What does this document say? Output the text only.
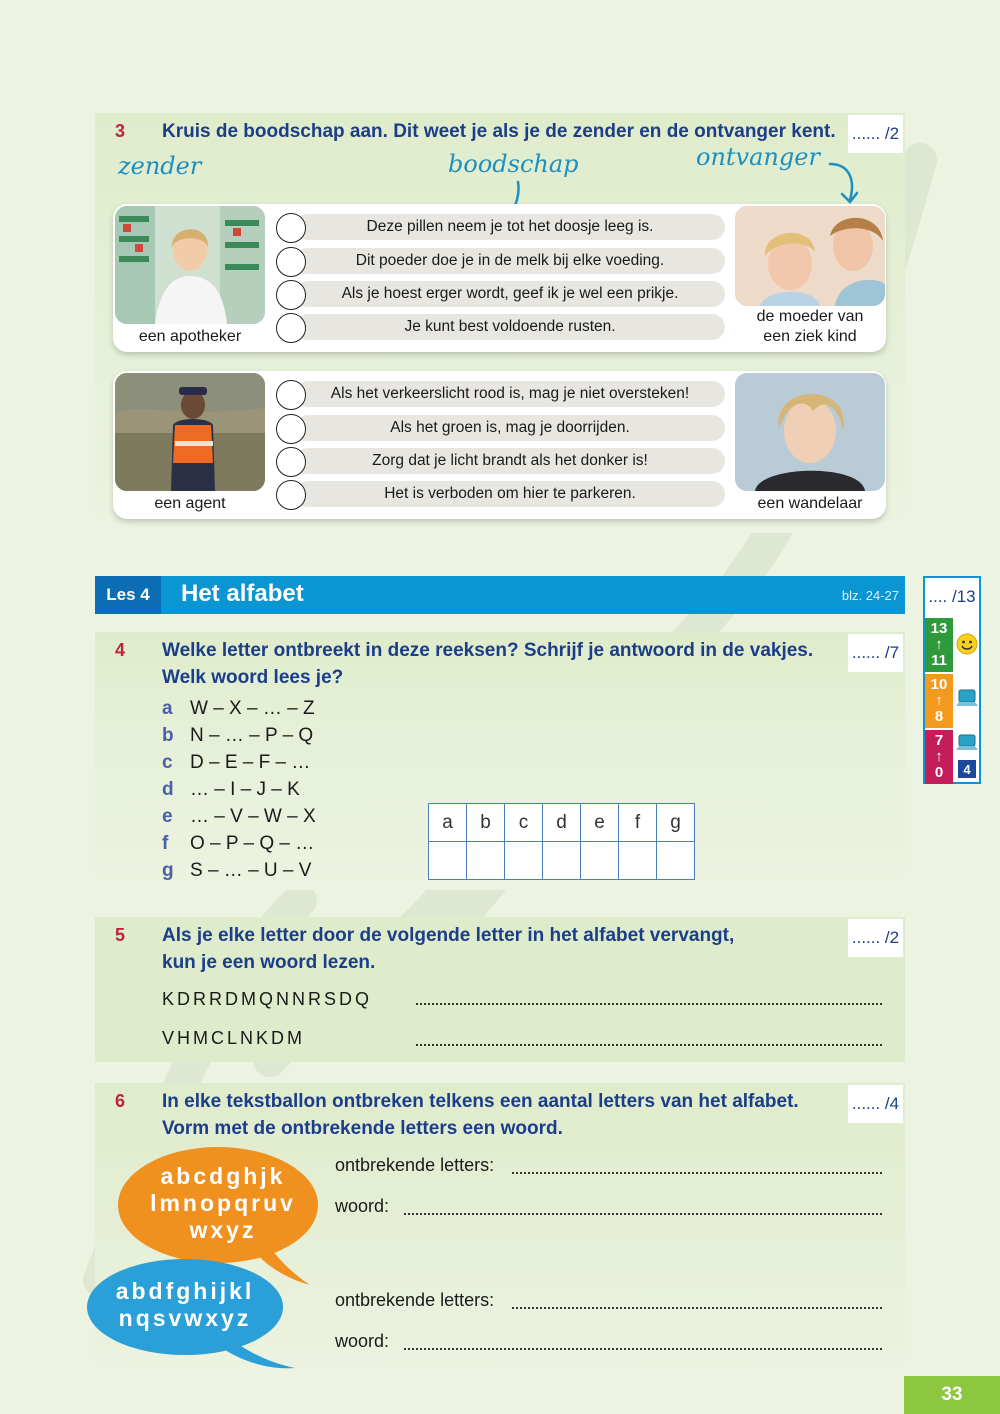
3 Kruis de boodschap aan. Dit weet je als je de zender en de ontvanger kent. ...... /2
zender	boodschap	ontvanger
een apotheker
Deze pillen neem je tot het doosje leeg is.
Dit poeder doe je in de melk bij elke voeding.
Als je hoest erger wordt, geef ik je wel een prikje.
Je kunt best voldoende rusten.
de moeder van
een ziek kind
een agent
Als het verkeerslicht rood is, mag je niet oversteken!
Als het groen is, mag je doorrijden.
Zorg dat je licht brandt als het donker is!
Het is verboden om hier te parkeren.
een wandelaar
Les 4	Het alfabet	blz. 24-27 .... /13
13
↑
11
10
↑
8
7
↑
0	4
4 Welke letter ontbreekt in deze reeksen? Schrijf je antwoord in de vakjes.
Welk woord lees je?
...... /7
a W – X – … – Z
b N – … – P – Q
c D – E – F – …
d … – I – J – K
e … – V – W – X
f	O – P – Q – …
g S – … – U – V
a	b	c	d	e	f	g

5 Als je elke letter door de volgende letter in het alfabet vervangt,
kun je een woord lezen.
...... /2
KDRRDMQNNRSDQ
VHMCLNKDM
6 In elke tekstballon ontbreken telkens een aantal letters van het alfabet.
Vorm met de ontbrekende letters een woord.
...... /4
abcdghjk
lmnopqruv
wxyz
abdfghijkl
nqsvwxyz
ontbrekende letters:
woord:
ontbrekende letters:
woord:
33
